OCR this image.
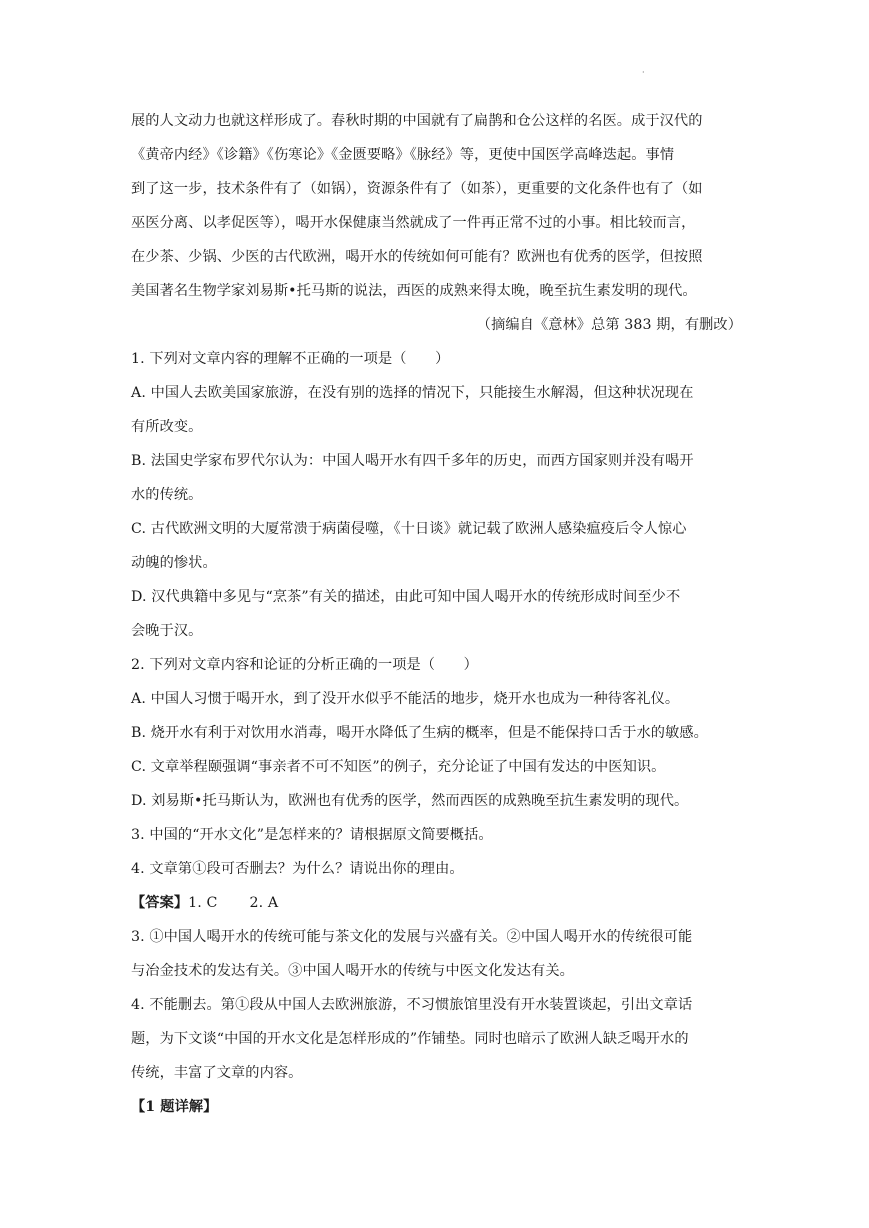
·
展的人文动力也就这样形成了。春秋时期的中国就有了扁鹊和仓公这样的名医。成于汉代的
《黄帝内经》《诊籍》《伤寒论》《金匮要略》《脉经》等，更使中国医学高峰迭起。事情
到了这一步，技术条件有了（如锅），资源条件有了（如茶），更重要的文化条件也有了（如
巫医分离、以孝促医等），喝开水保健康当然就成了一件再正常不过的小事。相比较而言，
在少茶、少锅、少医的古代欧洲，喝开水的传统如何可能有？欧洲也有优秀的医学，但按照
美国著名生物学家刘易斯•托马斯的说法，西医的成熟来得太晚，晚至抗生素发明的现代。
（摘编自《意林》总第 383 期，有删改）
1. 下列对文章内容的理解不正确的一项是（　　）
A. 中国人去欧美国家旅游，在没有别的选择的情况下，只能接生水解渴，但这种状况现在
有所改变。
B. 法国史学家布罗代尔认为：中国人喝开水有四千多年的历史，而西方国家则并没有喝开
水的传统。
C. 古代欧洲文明的大厦常溃于病菌侵噬，《十日谈》就记载了欧洲人感染瘟疫后令人惊心
动魄的惨状。
D. 汉代典籍中多见与“烹茶”有关的描述，由此可知中国人喝开水的传统形成时间至少不
会晚于汉。
2. 下列对文章内容和论证的分析正确的一项是（　　）
A. 中国人习惯于喝开水，到了没开水似乎不能活的地步，烧开水也成为一种待客礼仪。
B. 烧开水有利于对饮用水消毒，喝开水降低了生病的概率，但是不能保持口舌于水的敏感。
C. 文章举程颐强调“事亲者不可不知医”的例子，充分论证了中国有发达的中医知识。
D. 刘易斯•托马斯认为，欧洲也有优秀的医学，然而西医的成熟晚至抗生素发明的现代。
3. 中国的“开水文化”是怎样来的？请根据原文简要概括。
4. 文章第①段可否删去？为什么？请说出你的理由。
【答案】1. C 2. A
3. ①中国人喝开水的传统可能与茶文化的发展与兴盛有关。②中国人喝开水的传统很可能
与冶金技术的发达有关。③中国人喝开水的传统与中医文化发达有关。
4. 不能删去。第①段从中国人去欧洲旅游，不习惯旅馆里没有开水装置谈起，引出文章话
题，为下文谈“中国的开水文化是怎样形成的”作铺垫。同时也暗示了欧洲人缺乏喝开水的
传统，丰富了文章的内容。
【1 题详解】
